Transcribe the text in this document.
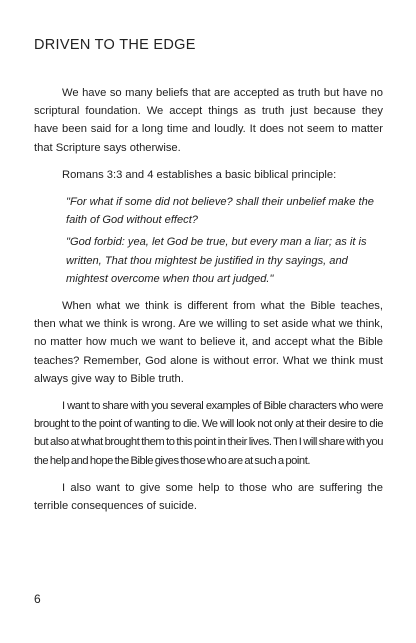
DRIVEN TO THE EDGE

We have so many beliefs that are accepted as truth but have no scriptural foundation. We accept things as truth just because they have been said for a long time and loudly. It does not seem to matter that Scripture says otherwise.

Romans 3:3 and 4 establishes a basic biblical principle:

"For what if some did not believe? shall their unbelief make the faith of God without effect?
"God forbid: yea, let God be true, but every man a liar; as it is written, That thou mightest be justified in thy sayings, and mightest overcome when thou art judged."

When what we think is different from what the Bible teaches, then what we think is wrong. Are we willing to set aside what we think, no matter how much we want to believe it, and accept what the Bible teaches? Remember, God alone is without error. What we think must always give way to Bible truth.

I want to share with you several examples of Bible characters who were brought to the point of wanting to die. We will look not only at their desire to die but also at what brought them to this point in their lives. Then I will share with you the help and hope the Bible gives those who are at such a point.

I also want to give some help to those who are suffering the terrible consequences of suicide.

6
